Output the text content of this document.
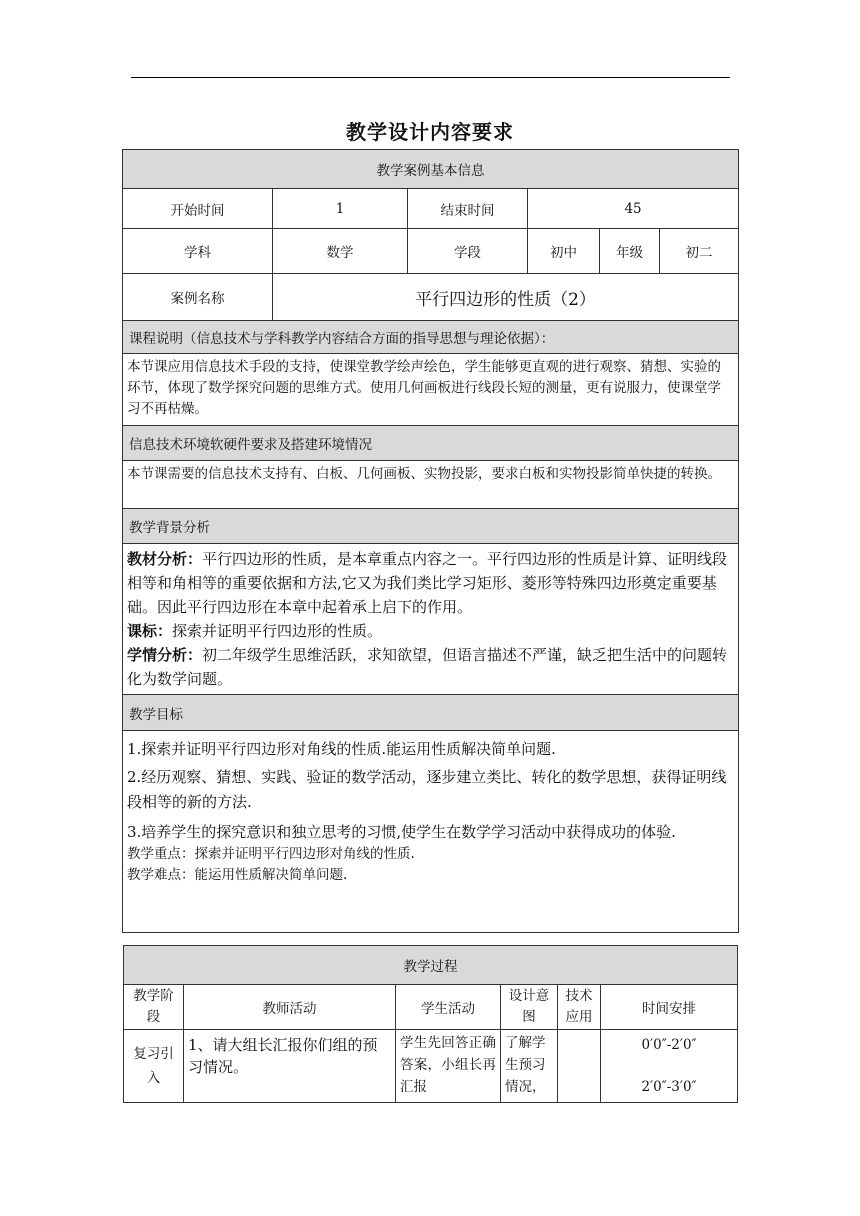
教学设计内容要求
教学案例基本信息					
开始时间	1	结束时间	45		
学科	数学	学段	初中	年级	初二
案例名称	平行四边形的性质（2）				
课程说明（信息技术与学科教学内容结合方面的指导思想与理论依据）：					
本节课应用信息技术手段的支持，使课堂教学绘声绘色，学生能够更直观的进行观察、猜想、实验的环节，体现了数学探究问题的思维方式。使用几何画板进行线段长短的测量，更有说服力，使课堂学习不再枯燥。					
信息技术环境软硬件要求及搭建环境情况					
本节课需要的信息技术支持有、白板、几何画板、实物投影，要求白板和实物投影简单快捷的转换。					
教学背景分析					
教材分析：平行四边形的性质，是本章重点内容之一。平行四边形的性质是计算、证明线段相等和角相等的重要依据和方法,它又为我们类比学习矩形、菱形等特殊四边形奠定重要基础。因此平行四边形在本章中起着承上启下的作用。
课标：探索并证明平行四边形的性质。
学情分析：初二年级学生思维活跃，求知欲望，但语言描述不严谨，缺乏把生活中的问题转化为数学问题。					
教学目标					

1.探索并证明平行四边形对角线的性质.能运用性质解决简单问题.

2.经历观察、猜想、实践、验证的数学活动，逐步建立类比、转化的数学思想，获得证明线段相等的新的方法.

3.培养学生的探究意识和独立思考的习惯,使学生在数学学习活动中获得成功的体验.

教学重点：探索并证明平行四边形对角线的性质.

教学难点：能运用性质解决简单问题.					

教学过程					
教学阶段	教师活动	学生活动	设计意图	技术应用	时间安排
复习引入	1、请大组长汇报你们组的预习情况。	学生先回答正确答案，小组长再汇报	了解学生预习情况，		0′0″-2′0″
2′0″-3′0″
